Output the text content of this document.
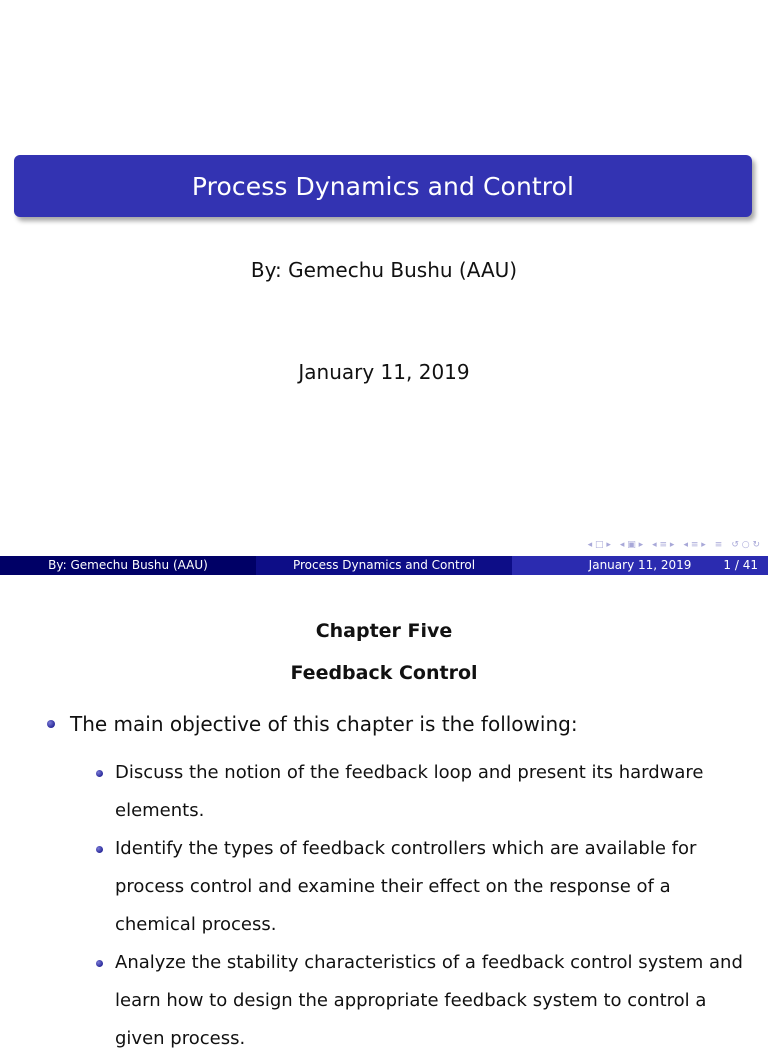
Process Dynamics and Control
By: Gemechu Bushu (AAU)
January 11, 2019
◂ □ ▸ ◂ ▣ ▸ ◂ ≡ ▸ ◂ ≡ ▸ ≡ ↺ ○ ↻
By: Gemechu Bushu (AAU)	Process Dynamics and Control	January 11, 2019	1 / 41
Chapter Five
Feedback Control
The main objective of this chapter is the following:
Discuss the notion of the feedback loop and present its hardware elements.
Identify the types of feedback controllers which are available for process control and examine their effect on the response of a chemical process.
Analyze the stability characteristics of a feedback control system and learn how to design the appropriate feedback system to control a given process.
